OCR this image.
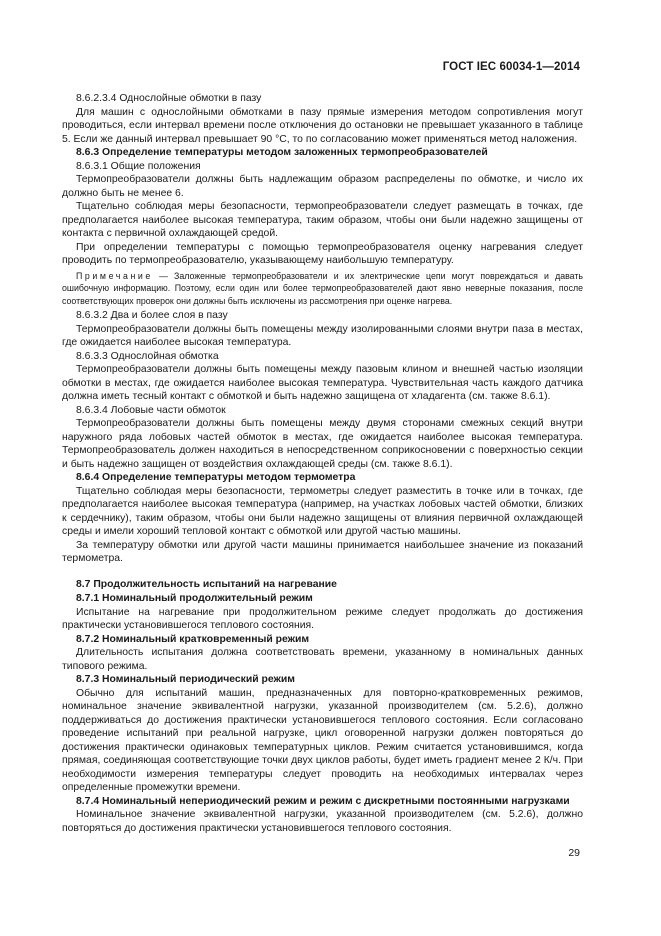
ГОСТ IEC 60034-1—2014

8.6.2.3.4 Однослойные обмотки в пазу

Для машин с однослойными обмотками в пазу прямые измерения методом сопротивления могут проводиться, если интервал времени после отключения до остановки не превышает указанного в таблице 5. Если же данный интервал превышает 90 °С, то по согласованию может применяться метод наложения.

8.6.3 Определение температуры методом заложенных термопреобразователей

8.6.3.1 Общие положения

Термопреобразователи должны быть надлежащим образом распределены по обмотке, и число их должно быть не менее 6.

Тщательно соблюдая меры безопасности, термопреобразователи следует размещать в точках, где предполагается наиболее высокая температура, таким образом, чтобы они были надежно защищены от контакта с первичной охлаждающей средой.

При определении температуры с помощью термопреобразователя оценку нагревания следует проводить по термопреобразователю, указывающему наибольшую температуру.

Примечание — Заложенные термопреобразователи и их электрические цепи могут повреждаться и давать ошибочную информацию. Поэтому, если один или более термопреобразователей дают явно неверные показания, после соответствующих проверок они должны быть исключены из рассмотрения при оценке нагрева.

8.6.3.2 Два и более слоя в пазу

Термопреобразователи должны быть помещены между изолированными слоями внутри паза в местах, где ожидается наиболее высокая температура.

8.6.3.3 Однослойная обмотка

Термопреобразователи должны быть помещены между пазовым клином и внешней частью изоляции обмотки в местах, где ожидается наиболее высокая температура. Чувствительная часть каждого датчика должна иметь тесный контакт с обмоткой и быть надежно защищена от хладагента (см. также 8.6.1).

8.6.3.4 Лобовые части обмоток

Термопреобразователи должны быть помещены между двумя сторонами смежных секций внутри наружного ряда лобовых частей обмоток в местах, где ожидается наиболее высокая температура. Термопреобразователь должен находиться в непосредственном соприкосновении с поверхностью секции и быть надежно защищен от воздействия охлаждающей среды (см. также 8.6.1).

8.6.4 Определение температуры методом термометра

Тщательно соблюдая меры безопасности, термометры следует разместить в точке или в точках, где предполагается наиболее высокая температура (например, на участках лобовых частей обмотки, близких к сердечнику), таким образом, чтобы они были надежно защищены от влияния первичной охлаждающей среды и имели хороший тепловой контакт с обмоткой или другой частью машины.

За температуру обмотки или другой части машины принимается наибольшее значение из показаний термометра.

8.7 Продолжительность испытаний на нагревание

8.7.1 Номинальный продолжительный режим

Испытание на нагревание при продолжительном режиме следует продолжать до достижения практически установившегося теплового состояния.

8.7.2 Номинальный кратковременный режим

Длительность испытания должна соответствовать времени, указанному в номинальных данных типового режима.

8.7.3 Номинальный периодический режим

Обычно для испытаний машин, предназначенных для повторно-кратковременных режимов, номинальное значение эквивалентной нагрузки, указанной производителем (см. 5.2.6), должно поддерживаться до достижения практически установившегося теплового состояния. Если согласовано проведение испытаний при реальной нагрузке, цикл оговоренной нагрузки должен повторяться до достижения практически одинаковых температурных циклов. Режим считается установившимся, когда прямая, соединяющая соответствующие точки двух циклов работы, будет иметь градиент менее 2 К/ч. При необходимости измерения температуры следует проводить на необходимых интервалах через определенные промежутки времени.

8.7.4 Номинальный непериодический режим и режим с дискретными постоянными нагрузками

Номинальное значение эквивалентной нагрузки, указанной производителем (см. 5.2.6), должно повторяться до достижения практически установившегося теплового состояния.

29
